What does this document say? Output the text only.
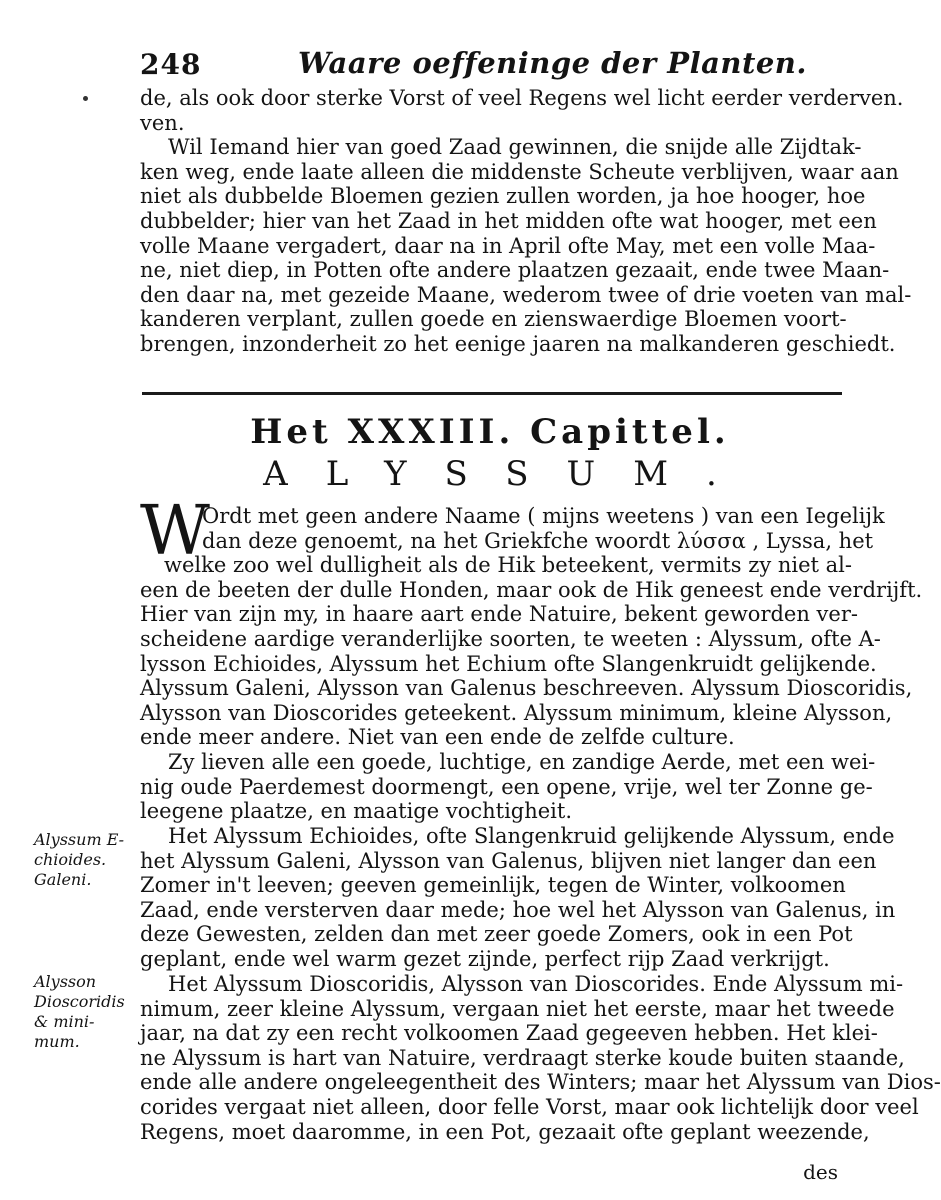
248	Waare oeffeninge der Planten.
de, als ook door sterke Vorst of veel Regens wel licht eerder verderven.
ven.
Wil Iemand hier van goed Zaad gewinnen, die snijde alle Zijdtak-
ken weg, ende laate alleen die middenste Scheute verblijven, waar aan
niet als dubbelde Bloemen gezien zullen worden, ja hoe hooger, hoe
dubbelder; hier van het Zaad in het midden ofte wat hooger, met een
volle Maane vergadert, daar na in April ofte May, met een volle Maa-
ne, niet diep, in Potten ofte andere plaatzen gezaait, ende twee Maan-
den daar na, met gezeide Maane, wederom twee of drie voeten van mal-
kanderen verplant, zullen goede en zienswaerdige Bloemen voort-
brengen, inzonderheit zo het eenige jaaren na malkanderen geschiedt.
Het XXXIII. Capittel.
ALYSSUM.
W
Ordt met geen andere Naame ( mijns weetens ) van een Iegelijk
dan deze genoemt, na het Griekfche woordt λύσσα , Lyssa, het
welke zoo wel dulligheit als de Hik beteekent, vermits zy niet al-
een de beeten der dulle Honden, maar ook de Hik geneest ende verdrijft.
Hier van zijn my, in haare aart ende Natuire, bekent geworden ver-
scheidene aardige veranderlijke soorten, te weeten : Alyssum, ofte A-
lysson Echioides, Alyssum het Echium ofte Slangenkruidt gelijkende.
Alyssum Galeni, Alysson van Galenus beschreeven. Alyssum Dioscoridis,
Alysson van Dioscorides geteekent. Alyssum minimum, kleine Alysson,
ende meer andere. Niet van een ende de zelfde culture.
Zy lieven alle een goede, luchtige, en zandige Aerde, met een wei-
nig oude Paerdemest doormengt, een opene, vrije, wel ter Zonne ge-
leegene plaatze, en maatige vochtigheit.
Het Alyssum Echioides, ofte Slangenkruid gelijkende Alyssum, ende
het Alyssum Galeni, Alysson van Galenus, blijven niet langer dan een
Zomer in't leeven; geeven gemeinlijk, tegen de Winter, volkoomen
Zaad, ende versterven daar mede; hoe wel het Alysson van Galenus, in
deze Gewesten, zelden dan met zeer goede Zomers, ook in een Pot
geplant, ende wel warm gezet zijnde, perfect rijp Zaad verkrijgt.
Het Alyssum Dioscoridis, Alysson van Dioscorides. Ende Alyssum mi-
nimum, zeer kleine Alyssum, vergaan niet het eerste, maar het tweede
jaar, na dat zy een recht volkoomen Zaad gegeeven hebben. Het klei-
ne Alyssum is hart van Natuire, verdraagt sterke koude buiten staande,
ende alle andere ongeleegentheit des Winters; maar het Alyssum van Dios-
corides vergaat niet alleen, door felle Vorst, maar ook lichtelijk door veel
Regens, moet daaromme, in een Pot, gezaait ofte geplant weezende,
des
Alyssum E-
chioides.
Galeni.
Alysson
Dioscoridis
& mini-
mum.
